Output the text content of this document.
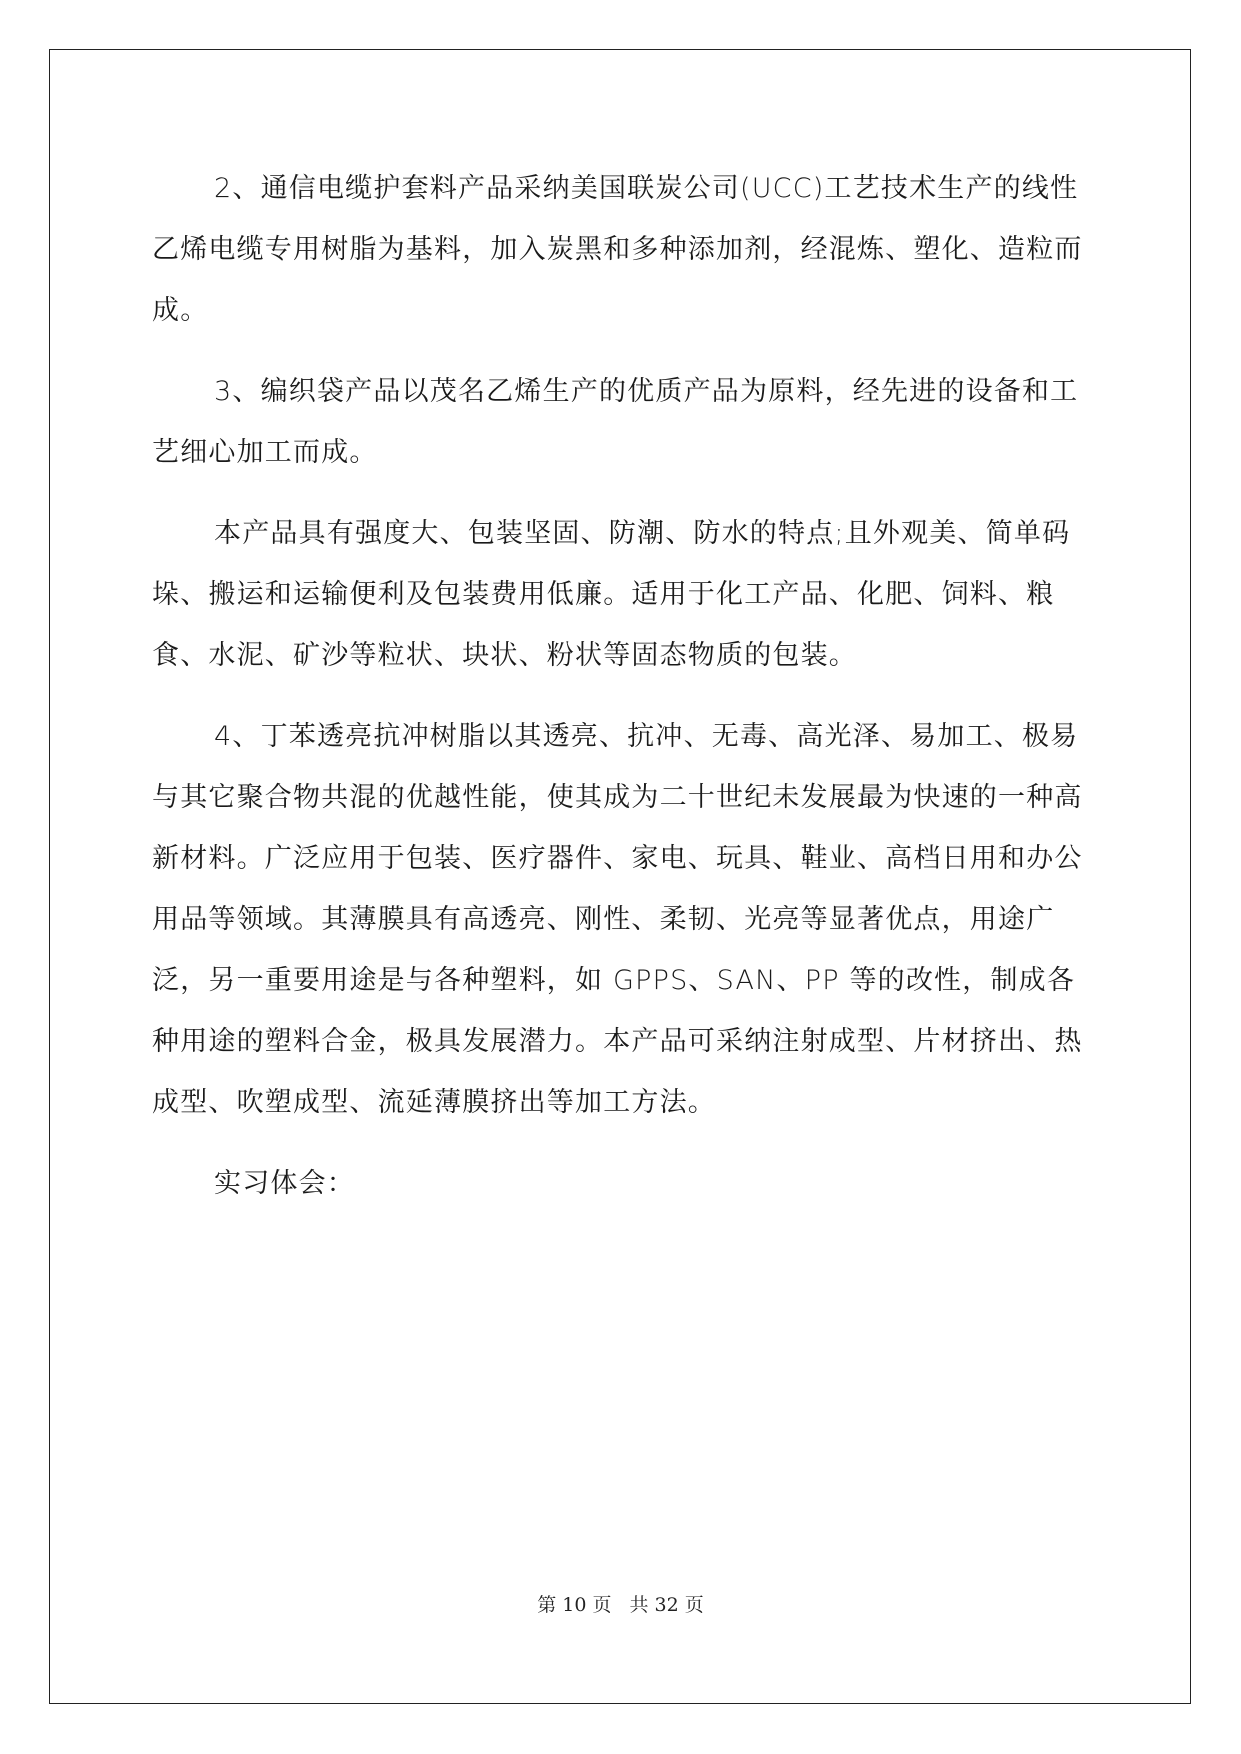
2、通信电缆护套料产品采纳美国联炭公司(UCC)工艺技术生产的线性乙烯电缆专用树脂为基料，加入炭黑和多种添加剂，经混炼、塑化、造粒而成。

3、编织袋产品以茂名乙烯生产的优质产品为原料，经先进的设备和工艺细心加工而成。

本产品具有强度大、包装坚固、防潮、防水的特点;且外观美、简单码垛、搬运和运输便利及包装费用低廉。适用于化工产品、化肥、饲料、粮食、水泥、矿沙等粒状、块状、粉状等固态物质的包装。

4、丁苯透亮抗冲树脂以其透亮、抗冲、无毒、高光泽、易加工、极易与其它聚合物共混的优越性能，使其成为二十世纪未发展最为快速的一种高新材料。广泛应用于包装、医疗器件、家电、玩具、鞋业、高档日用和办公用品等领域。其薄膜具有高透亮、刚性、柔韧、光亮等显著优点，用途广泛，另一重要用途是与各种塑料，如 GPPS、SAN、PP 等的改性，制成各种用途的塑料合金，极具发展潜力。本产品可采纳注射成型、片材挤出、热成型、吹塑成型、流延薄膜挤出等加工方法。

实习体会：

第 10 页 共 32 页
